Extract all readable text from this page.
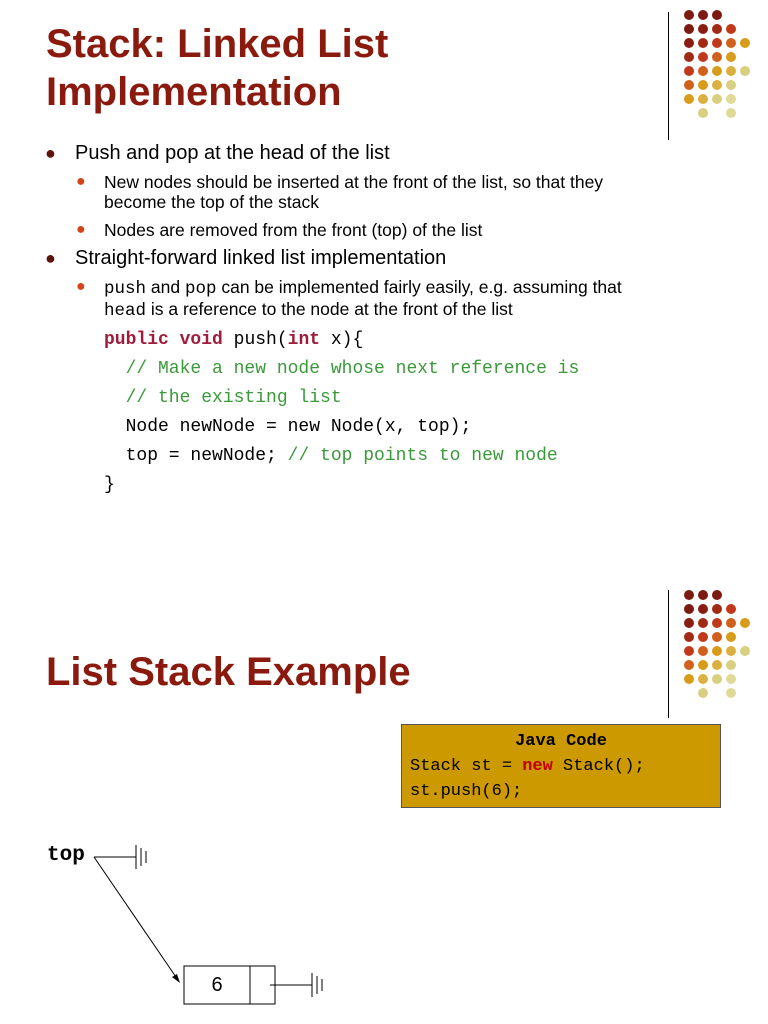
Stack: Linked List
Implementation
● Push and pop at the head of the list
● New nodes should be inserted at the front of the list, so that they
become the top of the stack
● Nodes are removed from the front (top) of the list
● Straight-forward linked list implementation
● push and pop can be implemented fairly easily, e.g. assuming that
head is a reference to the node at the front of the list
public void push(int x){
// Make a new node whose next reference is
// the existing list
Node newNode = new Node(x, top);
top = newNode; // top points to new node
}
List Stack Example
Java Code
Stack st = new Stack();
st.push(6);
top
6
